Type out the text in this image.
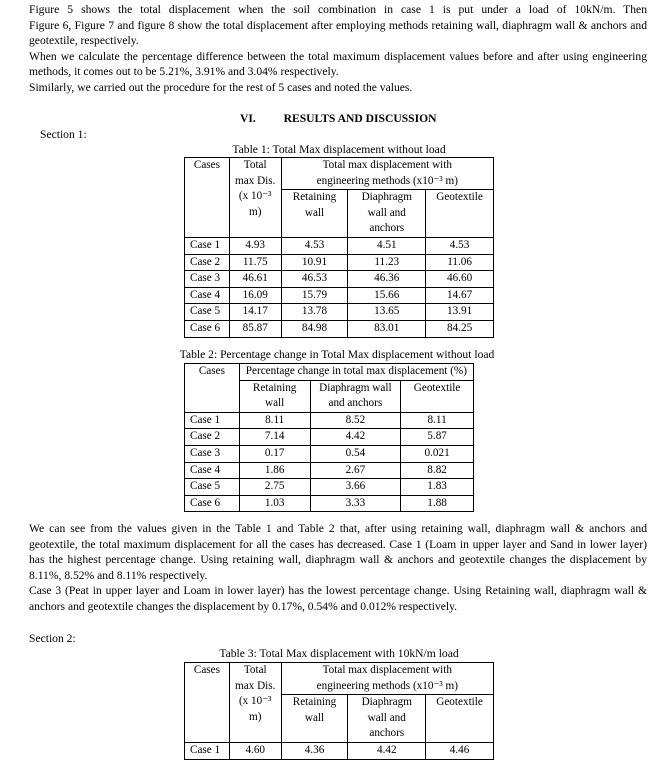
Figure 5 shows the total displacement when the soil combination in case 1 is put under a load of 10kN/m. Then
Figure 6, Figure 7 and figure 8 show the total displacement after employing methods retaining wall, diaphragm wall & anchors and
geotextile, respectively.
When we calculate the percentage difference between the total maximum displacement values before and after using engineering
methods, it comes out to be 5.21%, 3.91% and 3.04% respectively.
Similarly, we carried out the procedure for the rest of 5 cases and noted the values.
VI. RESULTS AND DISCUSSION
Section 1:
Table 1: Total Max displacement without load
Cases	Total
max Dis.
(x 10⁻³
m)	Total max displacement with
engineering methods (x10⁻³ m)		
		Retaining
wall	Diaphragm
wall and
anchors	Geotextile
Case 1	4.93	4.53	4.51	4.53
Case 2	11.75	10.91	11.23	11.06
Case 3	46.61	46.53	46.36	46.60
Case 4	16.09	15.79	15.66	14.67
Case 5	14.17	13.78	13.65	13.91
Case 6	85.87	84.98	83.01	84.25
Table 2: Percentage change in Total Max displacement without load
Cases	Percentage change in total max displacement (%)		
	Retaining
wall	Diaphragm wall
and anchors	Geotextile
Case 1	8.11	8.52	8.11
Case 2	7.14	4.42	5.87
Case 3	0.17	0.54	0.021
Case 4	1.86	2.67	8.82
Case 5	2.75	3.66	1.83
Case 6	1.03	3.33	1.88
We can see from the values given in the Table 1 and Table 2 that, after using retaining wall, diaphragm wall & anchors and
geotextile, the total maximum displacement for all the cases has decreased. Case 1 (Loam in upper layer and Sand in lower layer)
has the highest percentage change. Using retaining wall, diaphragm wall & anchors and geotextile changes the displacement by
8.11%, 8.52% and 8.11% respectively.
Case 3 (Peat in upper layer and Loam in lower layer) has the lowest percentage change. Using Retaining wall, diaphragm wall &
anchors and geotextile changes the displacement by 0.17%, 0.54% and 0.012% respectively.
Section 2:
Table 3: Total Max displacement with 10kN/m load
Cases	Total
max Dis.
(x 10⁻³
m)	Total max displacement with
engineering methods (x10⁻³ m)		
		Retaining
wall	Diaphragm
wall and
anchors	Geotextile
Case 1	4.60	4.36	4.42	4.46
